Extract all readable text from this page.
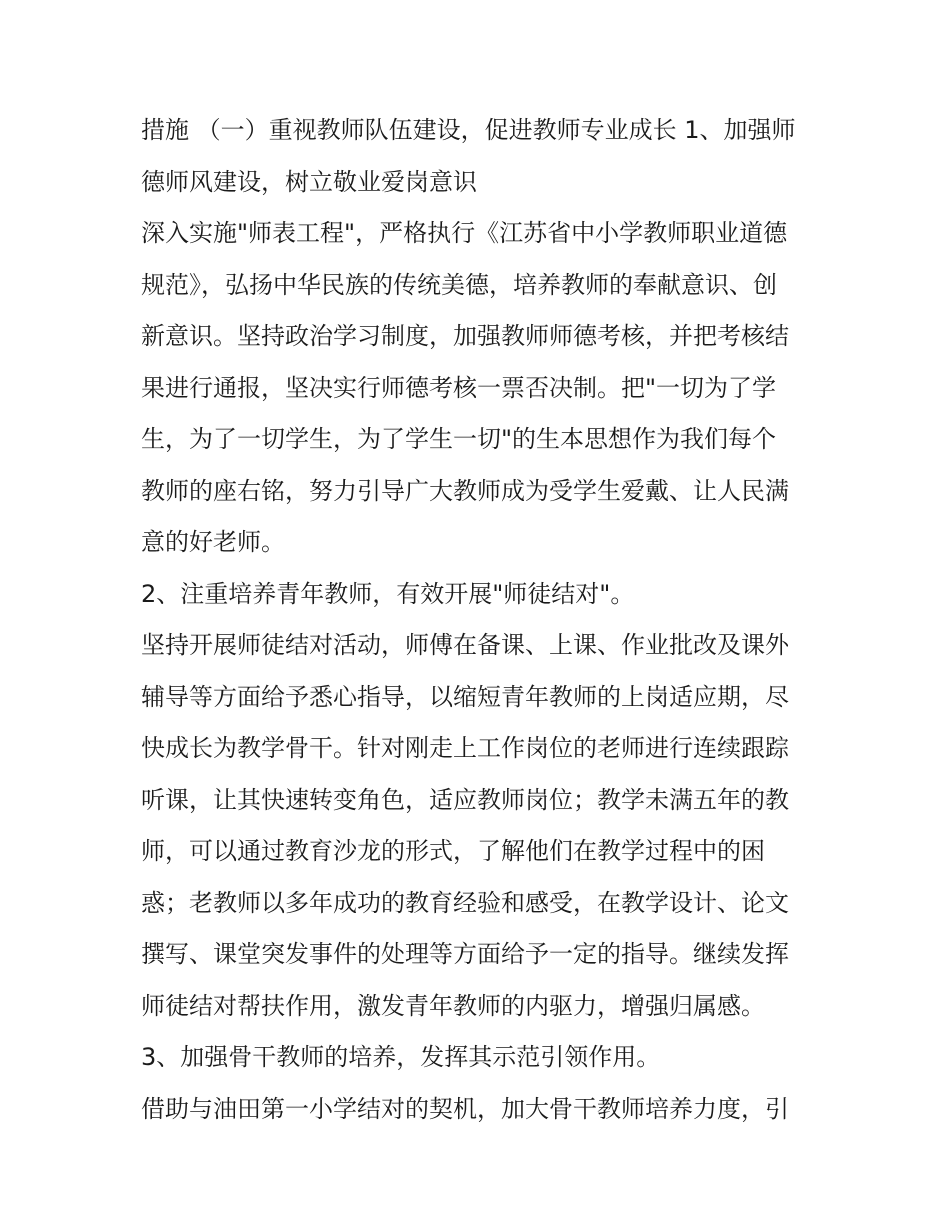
措施 （一）重视教师队伍建设，促进教师专业成长 1、加强师
德师风建设，树立敬业爱岗意识

深入实施"师表工程"，严格执行《江苏省中小学教师职业道德
规范》，弘扬中华民族的传统美德，培养教师的奉献意识、创
新意识。坚持政治学习制度，加强教师师德考核，并把考核结
果进行通报，坚决实行师德考核一票否决制。把"一切为了学
生，为了一切学生，为了学生一切"的生本思想作为我们每个
教师的座右铭，努力引导广大教师成为受学生爱戴、让人民满
意的好老师。

2、注重培养青年教师，有效开展"师徒结对"。

坚持开展师徒结对活动，师傅在备课、上课、作业批改及课外
辅导等方面给予悉心指导，以缩短青年教师的上岗适应期，尽
快成长为教学骨干。针对刚走上工作岗位的老师进行连续跟踪
听课，让其快速转变角色，适应教师岗位；教学未满五年的教
师，可以通过教育沙龙的形式，了解他们在教学过程中的困
惑；老教师以多年成功的教育经验和感受，在教学设计、论文
撰写、课堂突发事件的处理等方面给予一定的指导。继续发挥
师徒结对帮扶作用，激发青年教师的内驱力，增强归属感。

3、加强骨干教师的培养，发挥其示范引领作用。

借助与油田第一小学结对的契机，加大骨干教师培养力度，引
